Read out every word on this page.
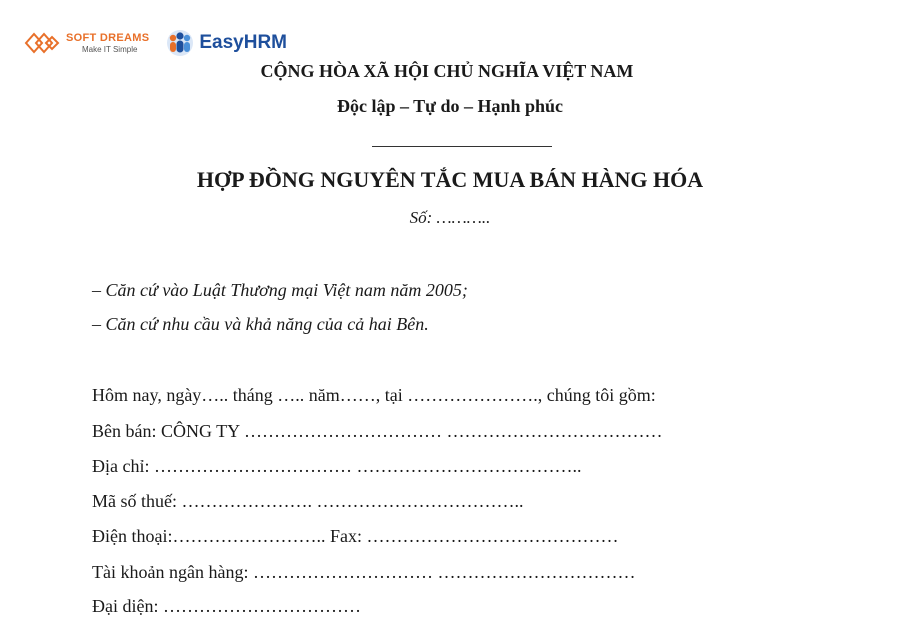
SOFT DREAMS
Make IT Simple	EasyHRM
CỘNG HÒA XÃ HỘI CHỦ NGHĨA VIỆT NAM
Độc lập – Tự do – Hạnh phúc
HỢP ĐỒNG NGUYÊN TẮC MUA BÁN HÀNG HÓA
Số: ………..
– Căn cứ vào Luật Thương mại Việt nam năm 2005;
– Căn cứ nhu cầu và khả năng của cả hai Bên.
Hôm nay, ngày….. tháng ….. năm……, tại …………………., chúng tôi gồm:
Bên bán: CÔNG TY …………………………… ………………………………
Địa chỉ: …………………………… ………………………………..
Mã số thuế: …………………. ……………………………..
Điện thoại:…………………….. Fax: ……………………………………
Tài khoản ngân hàng: ………………………… ……………………………
Đại diện: ……………………………
